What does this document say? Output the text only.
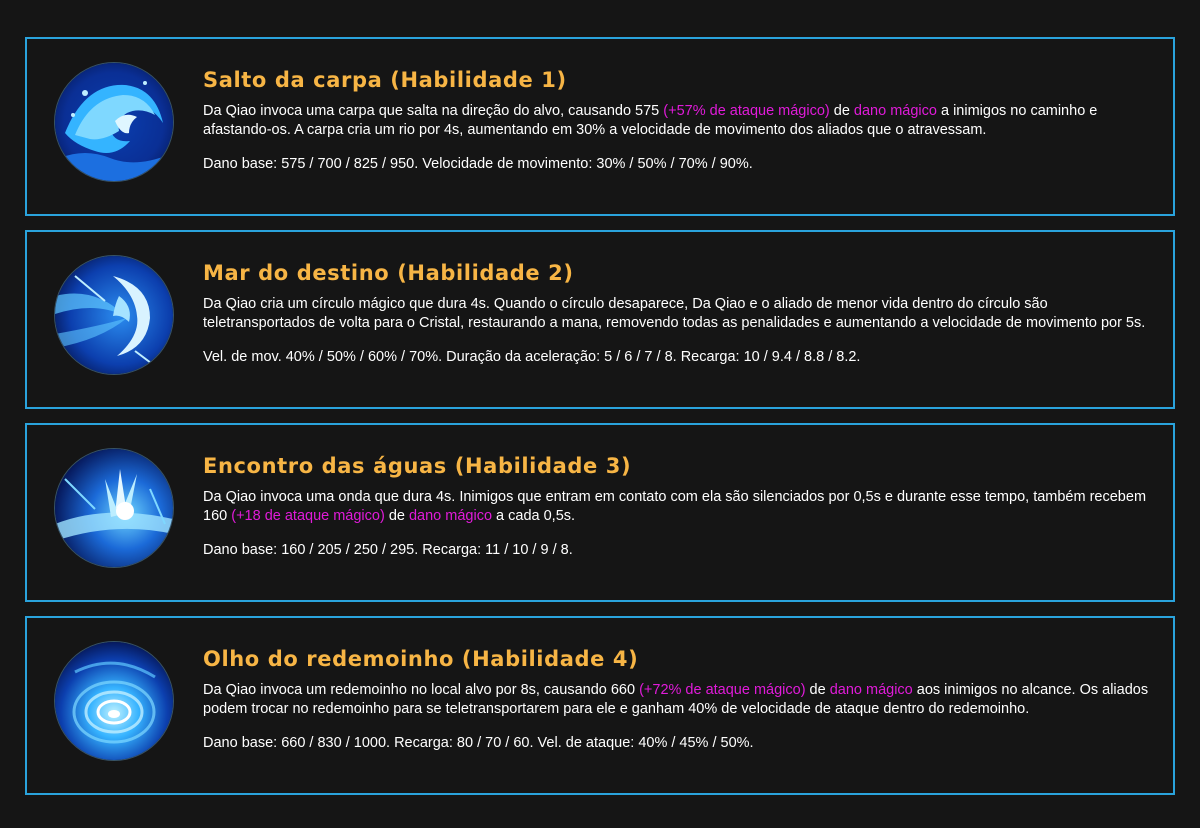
Salto da carpa (Habilidade 1)

Da Qiao invoca uma carpa que salta na direção do alvo, causando 575 (+57% de ataque mágico) de dano mágico a inimigos no caminho e afastando-os. A carpa cria um rio por 4s, aumentando em 30% a velocidade de movimento dos aliados que o atravessam.

Dano base: 575 / 700 / 825 / 950. Velocidade de movimento: 30% / 50% / 70% / 90%.

Mar do destino (Habilidade 2)

Da Qiao cria um círculo mágico que dura 4s. Quando o círculo desaparece, Da Qiao e o aliado de menor vida dentro do círculo são teletransportados de volta para o Cristal, restaurando a mana, removendo todas as penalidades e aumentando a velocidade de movimento por 5s.

Vel. de mov. 40% / 50% / 60% / 70%. Duração da aceleração: 5 / 6 / 7 / 8. Recarga: 10 / 9.4 / 8.8 / 8.2.

Encontro das águas (Habilidade 3)

Da Qiao invoca uma onda que dura 4s. Inimigos que entram em contato com ela são silenciados por 0,5s e durante esse tempo, também recebem 160 (+18 de ataque mágico) de dano mágico a cada 0,5s.

Dano base: 160 / 205 / 250 / 295. Recarga: 11 / 10 / 9 / 8.

Olho do redemoinho (Habilidade 4)

Da Qiao invoca um redemoinho no local alvo por 8s, causando 660 (+72% de ataque mágico) de dano mágico aos inimigos no alcance. Os aliados podem trocar no redemoinho para se teletransportarem para ele e ganham 40% de velocidade de ataque dentro do redemoinho.

Dano base: 660 / 830 / 1000. Recarga: 80 / 70 / 60. Vel. de ataque: 40% / 45% / 50%.
